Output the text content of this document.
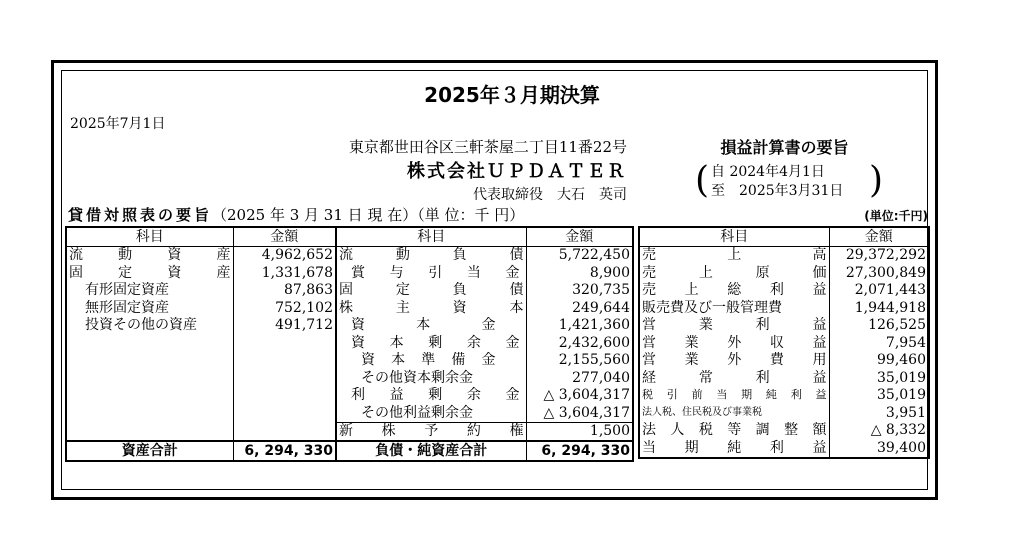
2025年３月期決算
2025年7月1日
東京都世田谷区三軒茶屋二丁目11番22号
株式会社ＵＰＤＡＴＥＲ
代表取締役　大石　英司
損益計算書の要旨
( 自 2024年4月1日
至　2025年3月31日 )
貸借対照表の要旨（2025 年 3 月 31 日 現 在）（単 位：千 円）	(単位:千円)
科目	金額	科目	金額
流　動　資　産	4,962,652	流　動　負　債	5,722,450
固　定　資　産	1,331,678	賞　与　引　当　金	8,900
有形固定資産	87,863	固　定　負　債	320,735
無形固定資産	752,102	株　主　資　本	249,644
投資その他の資産	491,712	資　本　金	1,421,360
		資本剰余金	2,432,600
		資本準備金	2,155,560
		その他資本剰余金	277,040
		利益剰余金	△ 3,604,317
		その他利益剰余金	△ 3,604,317
		新　株　予　約　権	1,500
資産合計	6, 294, 330	負債・純資産合計	6, 294, 330
科目	金額
売　上　高	29,372,292
売　上　原　価	27,300,849
売　上　総　利　益	2,071,443
販売費及び一般管理費	1,944,918
営　業　利　益	126,525
営　業　外　収　益	7,954
営　業　外　費　用	99,460
経　常　利　益	35,019
税引前当期純利益	35,019
法人税、住民税及び事業税	3,951
法人税等調整額	△ 8,332
当　期　純　利　益	39,400
